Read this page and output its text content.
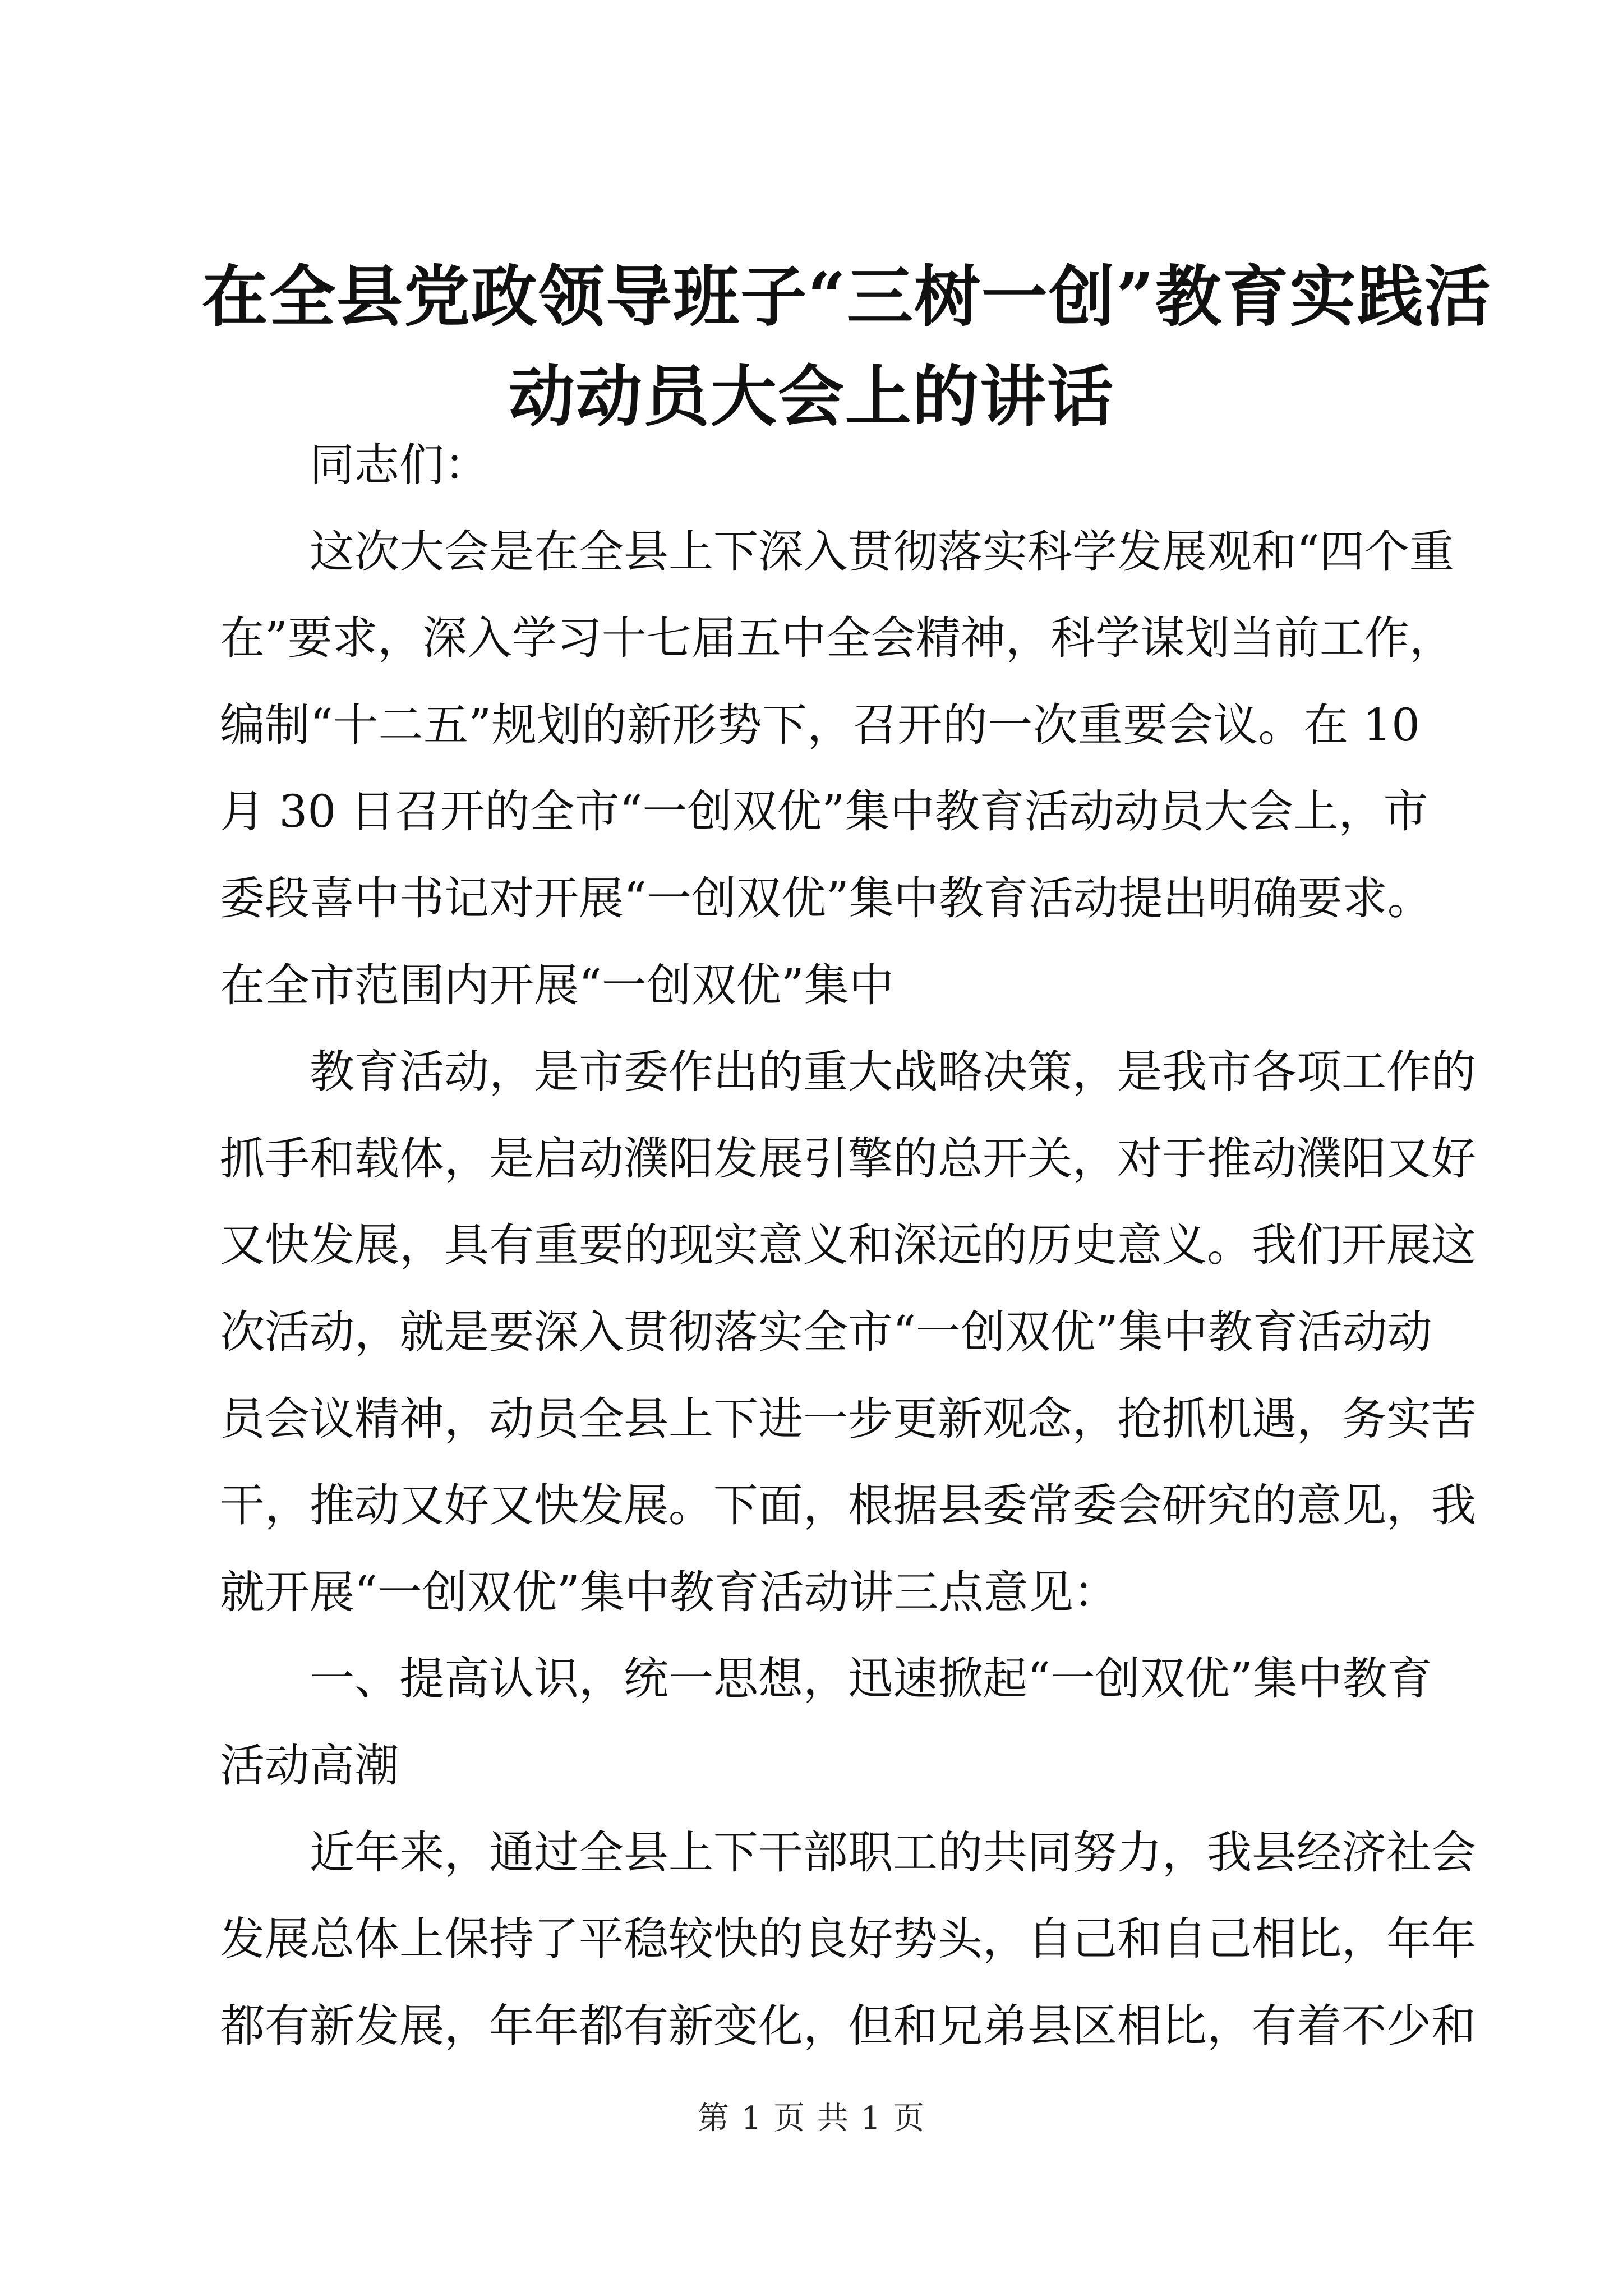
在全县党政领导班子“三树一创”教育实践活
动动员大会上的讲话
同志们：
这次大会是在全县上下深入贯彻落实科学发展观和“四个重
在”要求，深入学习十七届五中全会精神，科学谋划当前工作，
编制“十二五”规划的新形势下，召开的一次重要会议。在 10
月 30 日召开的全市“一创双优”集中教育活动动员大会上，市
委段喜中书记对开展“一创双优”集中教育活动提出明确要求。
在全市范围内开展“一创双优”集中
教育活动，是市委作出的重大战略决策，是我市各项工作的
抓手和载体，是启动濮阳发展引擎的总开关，对于推动濮阳又好
又快发展，具有重要的现实意义和深远的历史意义。我们开展这
次活动，就是要深入贯彻落实全市“一创双优”集中教育活动动
员会议精神，动员全县上下进一步更新观念，抢抓机遇，务实苦
干，推动又好又快发展。下面，根据县委常委会研究的意见，我
就开展“一创双优”集中教育活动讲三点意见：
一、提高认识，统一思想，迅速掀起“一创双优”集中教育
活动高潮
近年来，通过全县上下干部职工的共同努力，我县经济社会
发展总体上保持了平稳较快的良好势头，自己和自己相比，年年
都有新发展，年年都有新变化，但和兄弟县区相比，有着不少和
第 1 页 共 1 页
